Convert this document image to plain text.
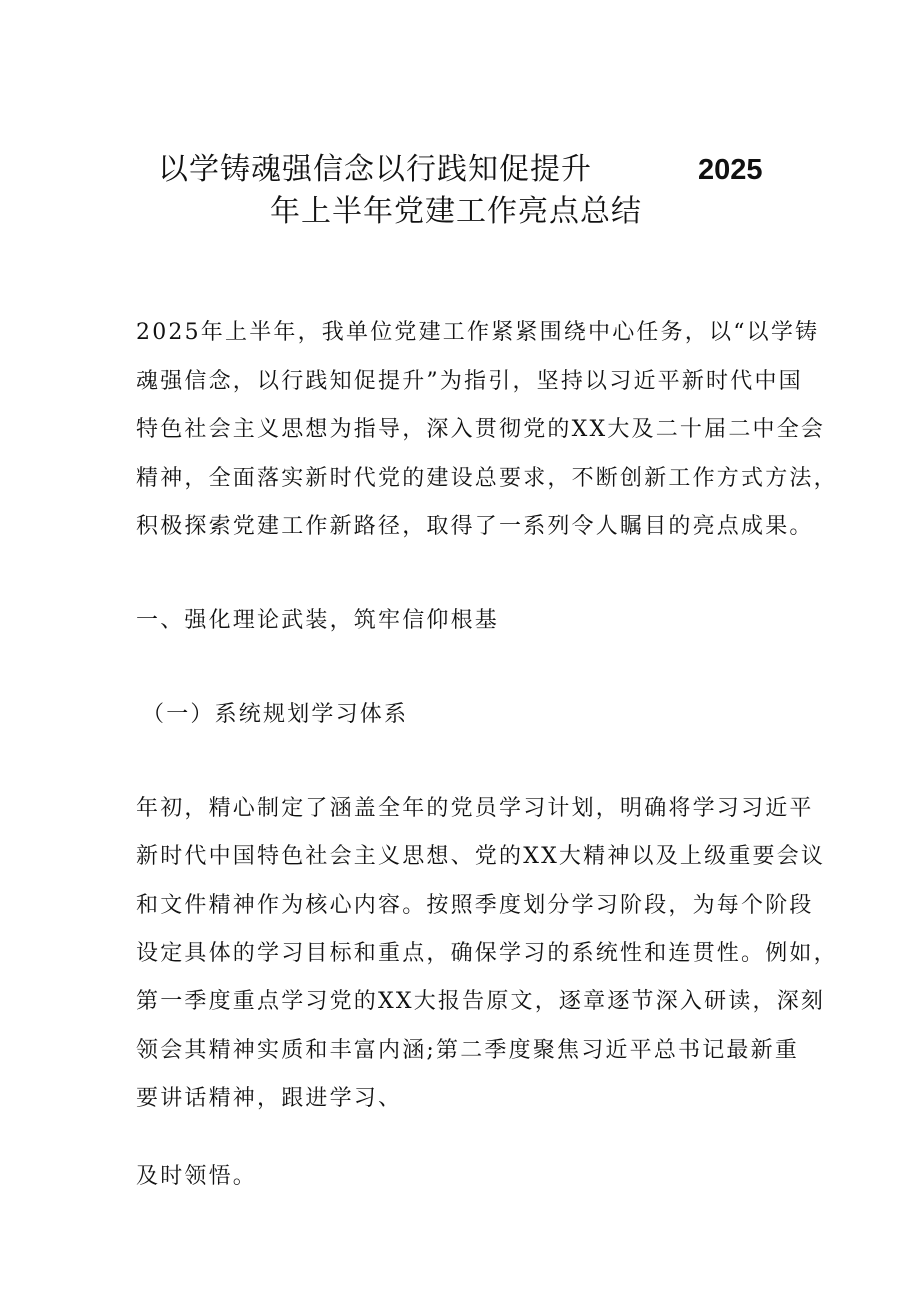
以学铸魂强信念以行践知促提升	2025
年上半年党建工作亮点总结
2025年上半年，我单位党建工作紧紧围绕中心任务，以“以学铸
魂强信念，以行践知促提升”为指引，坚持以习近平新时代中国
特色社会主义思想为指导，深入贯彻党的XX大及二十届二中全会
精神，全面落实新时代党的建设总要求，不断创新工作方式方法，
积极探索党建工作新路径，取得了一系列令人瞩目的亮点成果。
一、强化理论武装，筑牢信仰根基
（一）系统规划学习体系
年初，精心制定了涵盖全年的党员学习计划，明确将学习习近平
新时代中国特色社会主义思想、党的XX大精神以及上级重要会议
和文件精神作为核心内容。按照季度划分学习阶段，为每个阶段
设定具体的学习目标和重点，确保学习的系统性和连贯性。例如，
第一季度重点学习党的XX大报告原文，逐章逐节深入研读，深刻
领会其精神实质和丰富内涵;第二季度聚焦习近平总书记最新重
要讲话精神，跟进学习、
及时领悟。
